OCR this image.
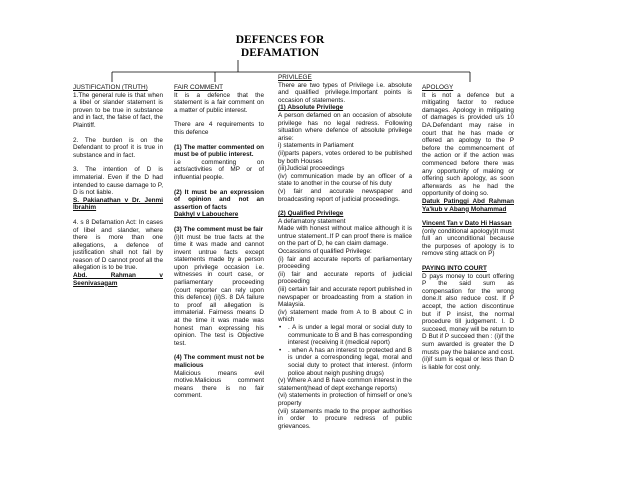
DEFENCES FOR
DEFAMATION
JUSTIFICATION (TRUTH)
1.The general rule is that when a libel or slander statement is proven to be true in substance and in fact, the false of fact, the Plaintiff.
2. The burden is on the Defendant to proof it is true in substance and in fact.
3. The intention of D is immaterial. Even if the D had intended to cause damage to P, D is not liable.
S. Pakianathan v Dr. Jenmi Ibrahim
4. s 8 Defamation Act: In cases of libel and slander, where there is more than one allegations, a defence of justification shall not fail by reason of D cannot proof all the allegation is to be true.
Abd. Rahman v Seenivasagam
FAIR COMMENT
It is a defence that the statement is a fair comment on a matter of public interest.
There are 4 requirements to this defence
(1) The matter commented on must be of public interest.
i.e commenting on acts/activities of MP or of influential people.
(2) It must be an expression of opinion and not an assertion of facts
Dakhyl v Labouchere
(3) The comment must be fair
(i)It must be true facts at the time it was made and cannot invent untrue facts except statements made by a person upon privilege occasion i.e. witnesses in court case, or parliamentary proceeding (court reporter can rely upon this defence) (ii)S. 8 DA failure to proof all allegation is immaterial. Fairness means D at the time it was made was honest man expressing his opinion. The test is Objective test.
(4) The comment must not be malicious
Malicious means evil motive.Malicious comment means there is no fair comment.
PRIVILEGE
There are two types of Privilege i.e. absolute and qualified privilege.Important points is occasion of statements.
(1) Absolute Privilege
A person defamed on an occasion of absolute privilege has no legal redress. Following situation where defence of absolute privilege arise:
i) statements in Parliament
(ii)parts papers, votes ordered to be published by both Houses
(iii)Judicial proceedings
(iv) communication made by an officer of a state to another in the course of his duty
(v) fair and accurate newspaper and broadcasting report of judicial proceedings.
(2) Qualified Privilege
A defamatory statement
Made with honest without malice although it is untrue statement..If P can proof there is malice on the part of D, he can claim damage.
Occassions of qualified Privilege:
(i) fair and accurate reports of parliamentary proceeding
(ii) fair and accurate reports of judicial proceeding
(iii) certain fair and accurate report published in newspaper or broadcasting from a station in Malaysia.
(iv) statement made from A to B about C in which
• . A is under a legal moral or social duty to communicate to B and B has corresponding interest (receiving it (medical report)
• . when A has an interest to protected and B is under a corresponding legal, moral and social duty to protect that interest. (inform police about neigh pushing drugs)
(v) Where A and B have common interest in the statement(head of dept exchange reports)
(vi) statements in protection of himself or one's property
(vii) statements made to the proper authorities in order to procure redress of public grievances.
APOLOGY
It is not a defence but a mitigating factor to reduce damages. Apology in mitigating of damages is provided u/s 10 DA.Defendant may raise in court that he has made or offered an apology to the P before the commencement of the action or if the action was commenced before there was any opportunity of making or offering such apology, as soon afterwards as he had the opportunity of doing so.
Datuk Patinggi Abd Rahman Ya'kub v Abang Mohammad
Vincent Tan v Dato Hi Hassan
(only conditional apology)It must full an unconditional because the purposes of apology is to remove sting attack on P)
PAYING INTO COURT
D pays money to court offering P the said sum as compensation for the wrong done.It also reduce cost. If P accept, the action discontinue but if P insist, the normal procedure till judgement. I. D succeed, money will be return to D But if P succeed then : (i)if the sum awarded is greater the D musts pay the balance and cost. (ii)if sum is equal or less than D is liable for cost only.
